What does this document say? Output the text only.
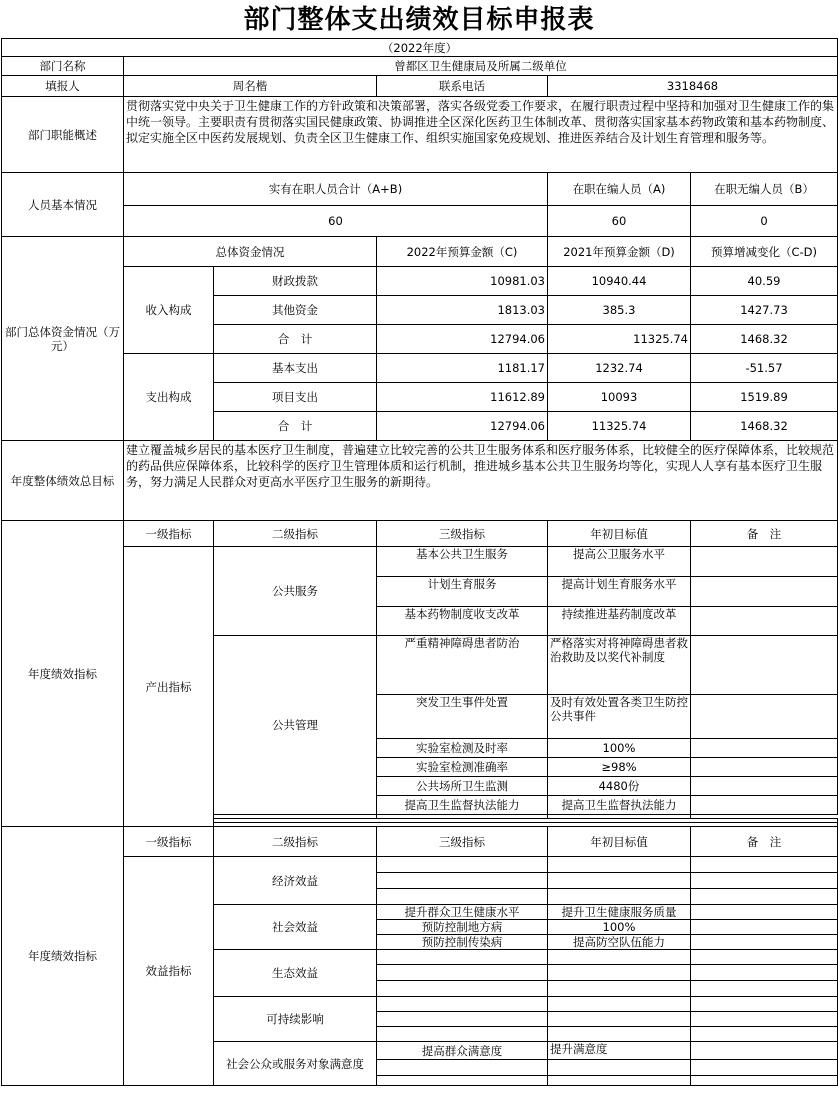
部门整体支出绩效目标申报表
（2022年度）					
部门名称	曾都区卫生健康局及所属二级单位				
填报人	周名楷		联系电话	3318468	
部门职能概述	贯彻落实党中央关于卫生健康工作的方针政策和决策部署，落实各级党委工作要求，在履行职责过程中坚持和加强对卫生健康工作的集中统一领导。主要职责有贯彻落实国民健康政策、协调推进全区深化医药卫生体制改革、贯彻落实国家基本药物政策和基本药物制度、拟定实施全区中医药发展规划、负责全区卫生健康工作、组织实施国家免疫规划、推进医养结合及计划生育管理和服务等。				
人员基本情况	实有在职人员合计（A+B)			在职在编人员（A)	在职无编人员（B）
	60			60	0
部门总体资金情况（万元）	总体资金情况		2022年预算金额（C)	2021年预算金额（D)	预算增减变化（C-D)
	收入构成	财政拨款	10981.03	10940.44	40.59
		其他资金	1813.03	385.3	1427.73
		合　计	12794.06	11325.74	1468.32
	支出构成	基本支出	1181.17	1232.74	-51.57
		项目支出	11612.89	10093	1519.89
		合　计	12794.06	11325.74	1468.32
年度整体绩效总目标	建立覆盖城乡居民的基本医疗卫生制度，普遍建立比较完善的公共卫生服务体系和医疗服务体系，比较健全的医疗保障体系，比较规范的药品供应保障体系，比较科学的医疗卫生管理体质和运行机制，推进城乡基本公共卫生服务均等化，实现人人享有基本医疗卫生服务，努力满足人民群众对更高水平医疗卫生服务的新期待。				
年度绩效指标	一级指标	二级指标	三级指标	年初目标值	备　注
	产出指标	公共服务	基本公共卫生服务	提高公卫服务水平	
			计划生育服务	提高计划生育服务水平	
			基本药物制度收支改革	持续推进基药制度改革	
		公共管理	严重精神障碍患者防治	严格落实对将神障碍患者救治救助及以奖代补制度	
			突发卫生事件处置	及时有效处置各类卫生防控公共事件	
			实验室检测及时率	100%	
			实验室检测准确率	≥98%	
			公共场所卫生监测	4480份	
			提高卫生监督执法能力	提高卫生监督执法能力	

年度绩效指标	一级指标	二级指标	三级指标	年初目标值	备　注
	效益指标	经济效益			

		社会效益	提升群众卫生健康水平	提升卫生健康服务质量	
			预防控制地方病	100%	
			预防控制传染病	提高防空队伍能力	
		生态效益			

		可持续影响			

		社会公众或服务对象满意度	提高群众满意度	提升满意度	
